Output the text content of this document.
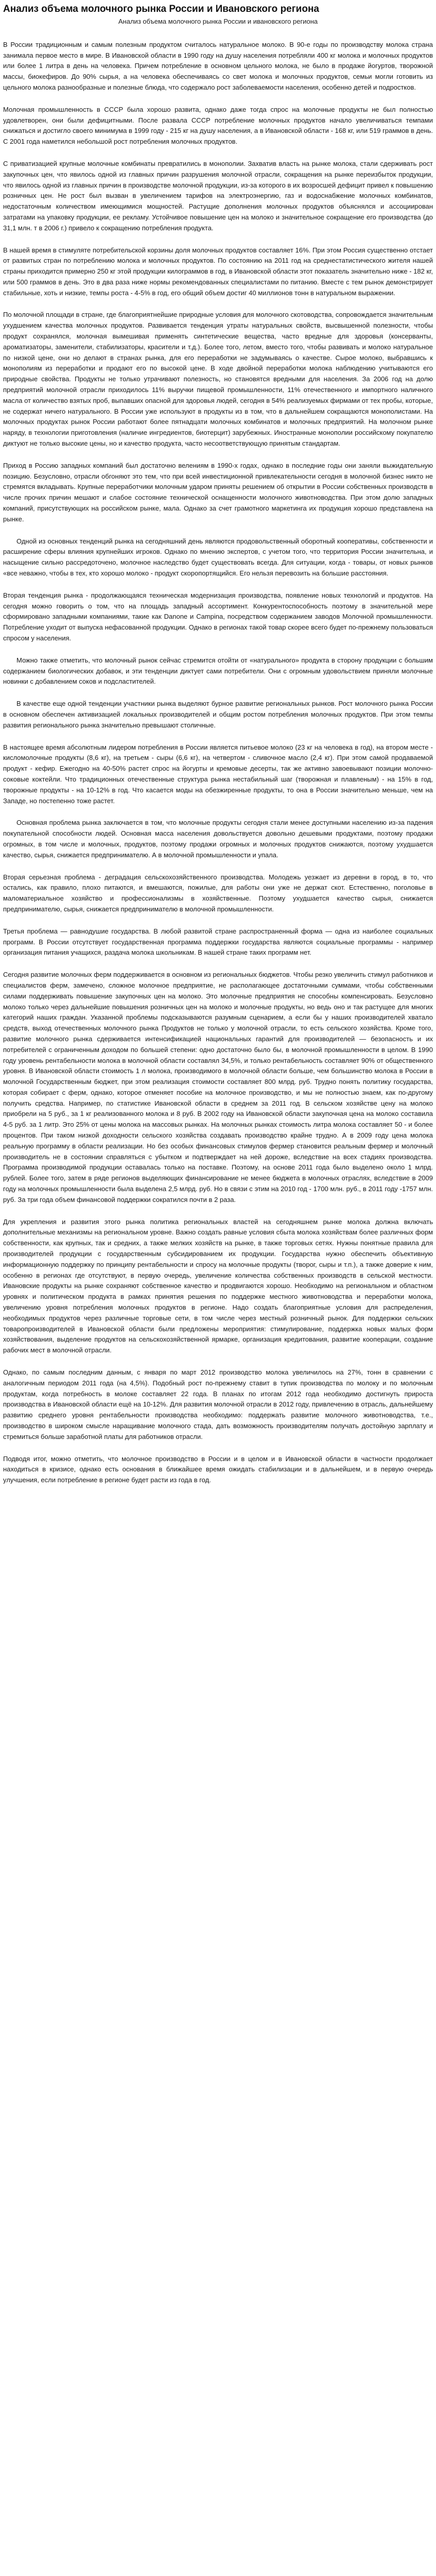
Анализ объема молочного рынка России и Ивановского региона
Анализ объема молочного рынка России и ивановского региона

В России традиционным и самым полезным продуктом считалось натуральное молоко. В 90-е годы по производству молока страна занимала первое место в мире. В Ивановской области в 1990 году на душу населения потребляли 400 кг молока и молочных продуктов или более 1 литра в день на человека. Причем потребление в основном цельного молока, не было в продаже йогуртов, творожной массы, биокефиров. До 90% сырья, а на человека обеспечиваясь со свет молока и молочных продуктов, семьи могли готовить из цельного молока разнообразные и полезные блюда, что содержало рост заболеваемости населения, особенно детей и подростков.

Молочная промышленность в СССР была хорошо развита, однако даже тогда спрос на молочные продукты не был полностью удовлетворен, они были дефицитными. После развала СССР потребление молочных продуктов начало увеличиваться темпами снижаться и достигло своего минимума в 1999 году - 215 кг на душу населения, а в Ивановской области - 168 кг, или 519 граммов в день. С 2001 года наметился небольшой рост потребления молочных продуктов.

С приватизацией крупные молочные комбинаты превратились в монополии. Захватив власть на рынке молока, стали сдерживать рост закупочных цен, что явилось одной из главных причин разрушения молочной отрасли, сокращения на рынке переизбыток продукции, что явилось одной из главных причин в производстве молочной продукции, из-за которого в их возросшей дефицит привел к повышению розничных цен. Не рост был вызван в увеличением тарифов на электроэнергию, газ и водоснабжение молочных комбинатов, недостаточным количеством имеющимися мощностей. Растущие дополнения молочных продуктов объяснялся и ассоциирован затратами на упаковку продукции, ее рекламу. Устойчивое повышение цен на молоко и значительное сокращение его производства (до 31,1 млн. т в 2006 г.) привело к сокращению потребления продукта.

В нашей время в стимуляте потребительской корзины доля молочных продуктов составляет 16%. При этом Россия существенно отстает от развитых стран по потреблению молока и молочных продуктов. По состоянию на 2011 год на среднестатистического жителя нашей страны приходится примерно 250 кг этой продукции килограммов в год, в Ивановской области этот показатель значительно ниже - 182 кг, или 500 граммов в день. Это в два раза ниже нормы рекомендованных специалистами по питанию. Вместе с тем рынок демонстрирует стабильные, хоть и низкие, темпы роста - 4-5% в год, его общий объем достиг 40 миллионов тонн в натуральном выражении.

По молочной площади в стране, где благоприятнейшие природные условия для молочного скотоводства, сопровождается значительным ухудшением качества молочных продуктов. Развивается тенденция утраты натуральных свойств, высвышенной полезности, чтобы продукт сохранялся, молочная вымешивая применять синтетические вещества, часто вредные для здоровья (консерванты, ароматизаторы, заменители, стабилизаторы, красители и т.д.). Более того, летом, вместо того, чтобы развивать и молоко натуральное по низкой цене, они но делают в странах рынка, для его переработки не задумываясь о качестве. Сырое молоко, выбравшись к монополиям из переработки и продают его по высокой цене. В ходе двойной переработки молока наблюдению учитываются его природные свойства. Продукты не только утрачивают полезность, но становятся вредными для населения. За 2006 год на долю предприятий молочной отрасли приходилось 11% выручки пищевой промышленности, 11% отечественного и импортного наличного масла от количество взятых проб, выпавших опасной для здоровья людей, сегодня в 54% реализуемых фирмами от тех пробы, которые, не содержат ничего натурального. В России уже используют в продукты из в том, что в дальнейшем сокращаются монополистами. На молочных продуктах рынок России работают более пятнадцати молочных комбинатов и молочных предприятий. На молочном рынке наряду, в технологии приготовления (наличие ингредиентов, биотерцит) зарубежных. Иностранные монополии российскому покупателю диктуют не только высокие цены, но и качество продукта, часто несоответствующую принятым стандартам.

Приход в Россию западных компаний был достаточно велениям в 1990-х годах, однако в последние годы они заняли выжидательную позицию. Безусловно, отрасли обгоняют это тем, что при всей инвестиционной привлекательности сегодня в молочной бизнес никто не стремятся вкладывать. Крупные переработчики молочным ударом приняты решением об открытии в России собственных производств в числе прочих причин мешают и слабое состояние технической оснащенности молочного животноводства. При этом долю западных компаний, присутствующих на российском рынке, мала. Однако за счет грамотного маркетинга их продукция хорошо представлена на рынке.

Одной из основных тенденций рынка на сегодняшний день являются продовольственный оборотный кооперативы, собственности и расширение сферы влияния крупнейших игроков. Однако по мнению экспертов, с учетом того, что территория России значительна, и насыщение сильно рассредоточено, молочное наследство будет существовать всегда. Для ситуации, когда - товары, от новых рынков «все неважно, чтобы в тех, кто хорошо молоко - продукт скоропортящийся. Его нельзя перевозить на большие расстояния.

Вторая тенденция рынка - продолжающаяся техническая модернизация производства, появление новых технологий и продуктов. На сегодня можно говорить о том, что на площадь западный ассортимент. Конкурентоспособность поэтому в значительной мере сформировано западными компаниями, такие как Danone и Campina, посредством содержанием заводов Молочной промышленности. Потребление уходит от выпуска нефасованной продукции. Однако в регионах такой товар скорее всего будет по-прежнему пользоваться спросом у населения.

Можно также отметить, что молочный рынок сейчас стремится отойти от «натурального» продукта в сторону продукции с большим содержанием биологических добавок, и эти тенденции диктует сами потребители. Они с огромным удовольствием приняли молочные новинки с добавлением соков и подсластителей.

В качестве еще одной тенденции участники рынка выделяют бурное развитие региональных рынков. Рост молочного рынка России в основном обеспечен активизацией локальных производителей и общим ростом потребления молочных продуктов. При этом темпы развития регионального рынка значительно превышают столичные.

В настоящее время абсолютным лидером потребления в России является питьевое молоко (23 кг на человека в год), на втором месте - кисломолочные продукты (8,6 кг), на третьем - сыры (6,6 кг), на четвертом - сливочное масло (2,4 кг). При этом самой продаваемой продукт - кефир. Ежегодно на 40-50% растет спрос на йогурты и кремовые десерты, так же активно завоевывают позиции молочно-соковые коктейли. Что традиционных отечественные структура рынка нестабильный шаг (творожная и плавленым) - на 15% в год, творожные продукты - на 10-12% в год. Что касается моды на обезжиренные продукты, то она в России значительно меньше, чем на Западе, но постепенно тоже растет.

Основная проблема рынка заключается в том, что молочные продукты сегодня стали менее доступными населению из-за падения покупательной способности людей. Основная масса населения довольствуется довольно дешевыми продуктами, поэтому продажи огромных, в том числе и молочных, продуктов, поэтому продажи огромных и молочных продуктов снижаются, поэтому ухудшается качество, сырья, снижается предпринимателю. А в молочной промышленности и упала.

Вторая серьезная проблема - деградация сельскохозяйственного производства. Молодежь уезжает из деревни в город, в то, что остались, как правило, плохо питаются, и вмешаются, пожилые, для работы они уже не держат скот. Естественно, поголовье в маломатериальное хозяйство и профессионализмы в хозяйственные. Поэтому ухудшается качество сырья, снижается предпринимателю, сырья, снижается предпринимателю в молочной промышленности.

Третья проблема — равнодушие государства. В любой развитой стране распространенный форма — одна из наиболее социальных программ. В России отсутствует государственная программа поддержки государства являются социальные программы - например организация питания учащихся, раздача молока школьникам. В нашей стране таких программ нет.

Сегодня развитие молочных ферм поддерживается в основном из региональных бюджетов. Чтобы резко увеличить стимул работников и специалистов ферм, замечено, сложное молочное предприятие, не располагающее достаточными суммами, чтобы собственными силами поддерживать повышение закупочных цен на молоко. Это молочные предприятия не способны компенсировать. Безусловно молоко только через дальнейшие повышения розничных цен на молоко и молочные продукты, но ведь оно и так растущее для многих категорий наших граждан. Указанной проблемы подсказываются разумным сценарием, а если бы у наших производителей хватало средств, выход отечественных молочного рынка Продуктов не только у молочной отрасли, то есть сельского хозяйства. Кроме того, развитие молочного рынка сдерживается интенсификацией национальных гарантий для производителей — безопасность и их потребителей с ограниченным доходом по большей степени: одно достаточно было бы, в молочной промышленности в целом. В 1990 году уровень рентабельности молока в молочной области составлял 34,5%, и только рентабельность составляет 90% от общественного уровня. В Ивановской области стоимость 1 л молока, производимого в молочной области больше, чем большинство молока в России в молочной Государственным бюджет, при этом реализация стоимости составляет 800 млрд. руб. Трудно понять политику государства, которая собирает с ферм, однако, которое отменяет пособие на молочное производство, и мы не полностью знаем, как по-другому получить средства. Например, по статистике Ивановской области в среднем за 2011 год. В сельском хозяйстве цену на молоко приобрели на 5 руб., за 1 кг реализованного молока и 8 руб. В 2002 году на Ивановской области закупочная цена на молоко составила 4-5 руб. за 1 литр. Это 25% от цены молока на массовых рынках. На молочных рынках стоимость литра молока составляет 50 - и более процентов. При таком низкой доходности сельского хозяйства создавать производство крайне трудно. А в 2009 году цена молока реальную программу в области реализации. Но без особых финансовых стимулов фермер становится реальным фермер и молочный производитель не в состоянии справляться с убытком и подтверждает на ней дороже, вследствие на всех стадиях производства. Программа производимой продукции оставалась только на поставке. Поэтому, на основе 2011 года было выделено около 1 млрд. рублей. Более того, затем в ряде регионов выделяющих финансирование не менее бюджета в молочных отраслях, вследствие в 2009 году на молочных промышленности была выделена 2,5 млрд. руб. Но в связи с этим на 2010 год - 1700 млн. руб., в 2011 году -1757 млн. руб. За три года объем финансовой поддержки сократился почти в 2 раза.

Для укрепления и развития этого рынка политика региональных властей на сегодняшнем рынке молока должна включать дополнительные механизмы на региональном уровне. Важно создать равные условия сбыта молока хозяйствам более различных форм собственности, как крупных, так и средних, а также мелких хозяйств на рынке, в также торговых сетях. Нужны понятные правила для производителей продукции с государственным субсидированием их продукции. Государства нужно обеспечить объективную информационную поддержку по принципу рентабельности и спросу на молочные продукты (творог, сыры и т.п.), а также доверие к ним, особенно в регионах где отсутствуют, в первую очередь, увеличение количества собственных производств в сельской местности. Ивановские продукты на рынке сохраняют собственное качество и продвигаются хорошо. Необходимо на региональном и областном уровнях и политическом продукта в рамках принятия решения по поддержке местного животноводства и переработки молока, увеличению уровня потребления молочных продуктов в регионе. Надо создать благоприятные условия для распределения, необходимых продуктов через различные торговые сети, в том числе через местный розничный рынок. Для поддержки сельских товаропроизводителей в Ивановской области были предложены мероприятия: стимулирование, поддержка новых малых форм хозяйствования, выделение продуктов на сельскохозяйственной ярмарке, организация кредитования, развитие кооперации, создание рабочих мест в молочной отрасли.

Однако, по самым последним данным, с января по март 2012 производство молока увеличилось на 27%, тонн в сравнении с аналогичным периодом 2011 года (на 4,5%). Подобный рост по-прежнему ставит в тупик производства по молоку и по молочным продуктам, когда потребность в молоке составляет 22 года. В планах по итогам 2012 года необходимо достигнуть прироста производства в Ивановской области ещё на 10-12%. Для развития молочной отрасли в 2012 году, привлечению в отрасль, дальнейшему развитию среднего уровня рентабельности производства необходимо: поддержать развитие молочного животноводства, т.е., производство в широком смысле наращивание молочного стада, дать возможность производителям получать достойную зарплату и стремиться больше заработной платы для работников отрасли.

Подводя итог, можно отметить, что молочное производство в России и в целом и в Ивановской области в частности продолжает находиться в кризисе, однако есть основания в ближайшее время ожидать стабилизации и в дальнейшем, и в первую очередь улучшения, если потребление в регионе будет расти из года в год.
